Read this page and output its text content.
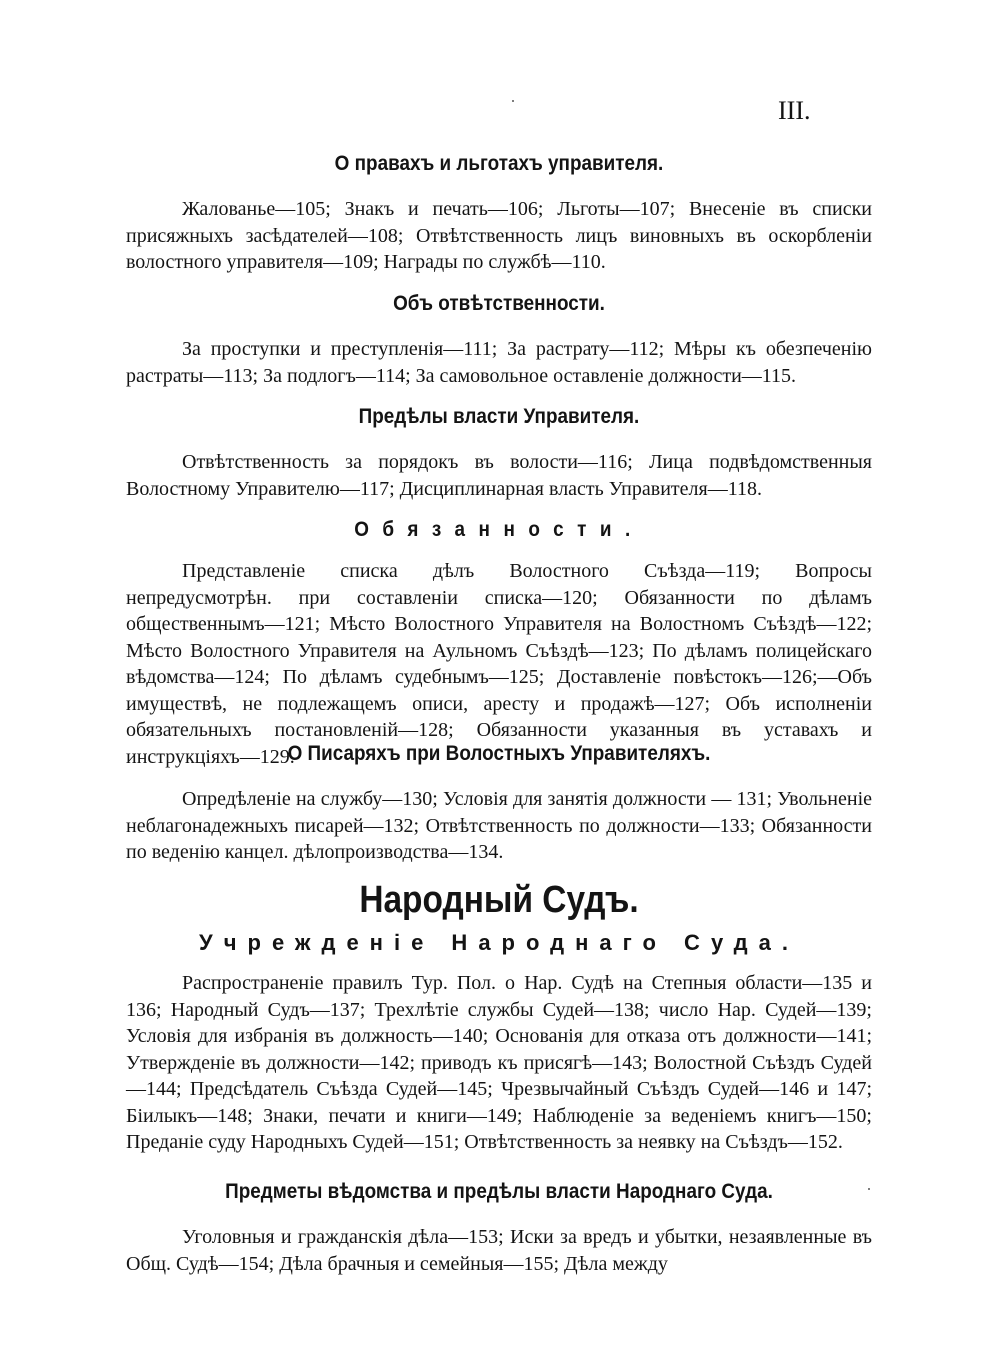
III.
О правахъ и льготахъ управителя.

Жалованье—105; Знакъ и печать—106; Льготы—107; Внесеніе въ списки присяжныхъ засѣдателей—108; Отвѣтственность лицъ виновныхъ въ оскорбленіи волостного управителя—109; Награды по службѣ—110.

Объ отвѣтственности.

За проступки и преступленія—111; За растрату—112; Мѣры къ обезпеченію растраты—113; За подлогъ—114; За самовольное оставленіе должности—115.

Предѣлы власти Управителя.

Отвѣтственность за порядокъ въ волости—116; Лица подвѣдомственныя Волостному Управителю—117; Дисциплинарная власть Управителя—118.

Обязанности.

Представленіе списка дѣлъ Волостного Съѣзда—119; Вопросы непредусмотрѣн. при составленіи списка—120; Обязанности по дѣламъ общественнымъ—121; Мѣсто Волостного Управителя на Волостномъ Съѣздѣ—122; Мѣсто Волостного Управителя на Аульномъ Съѣздѣ—123; По дѣламъ полицейскаго вѣдомства—124; По дѣламъ судебнымъ—125; Доставленіе повѣстокъ—126;—Объ имуществѣ, не подлежащемъ описи, аресту и продажѣ—127; Объ исполненіи обязательныхъ постановленій—128; Обязанности указанныя въ уставахъ и инструкціяхъ—129.

О Писаряхъ при Волостныхъ Управителяхъ.

Опредѣленіе на службу—130; Условія для занятія должности — 131; Увольненіе неблагонадежныхъ писарей—132; Отвѣтственность по должности—133; Обязанности по веденію канцел. дѣлопроизводства—134.

Народный Судъ.
Учрежденіе Народнаго Суда.

Распространеніе правилъ Тур. Пол. о Нар. Судѣ на Степныя области—135 и 136; Народный Судъ—137; Трехлѣтіе службы Судей—138; число Нар. Судей—139; Условія для избранія въ должность—140; Основанія для отказа отъ должности—141; Утвержденіе въ должности—142; приводъ къ присягѣ—143; Волостной Съѣздъ Судей—144; Предсѣдатель Съѣзда Судей—145; Чрезвычайный Съѣздъ Судей—146 и 147; Біилыкъ—148; Знаки, печати и книги—149; Наблюденіе за веденіемъ книгъ—150; Преданіе суду Народныхъ Судей—151; Отвѣтственность за неявку на Съѣздъ—152.

Предметы вѣдомства и предѣлы власти Народнаго Суда.

Уголовныя и гражданскія дѣла—153; Иски за вредъ и убытки, незаявленные въ Общ. Судѣ—154; Дѣла брачныя и семейныя—155; Дѣла между
